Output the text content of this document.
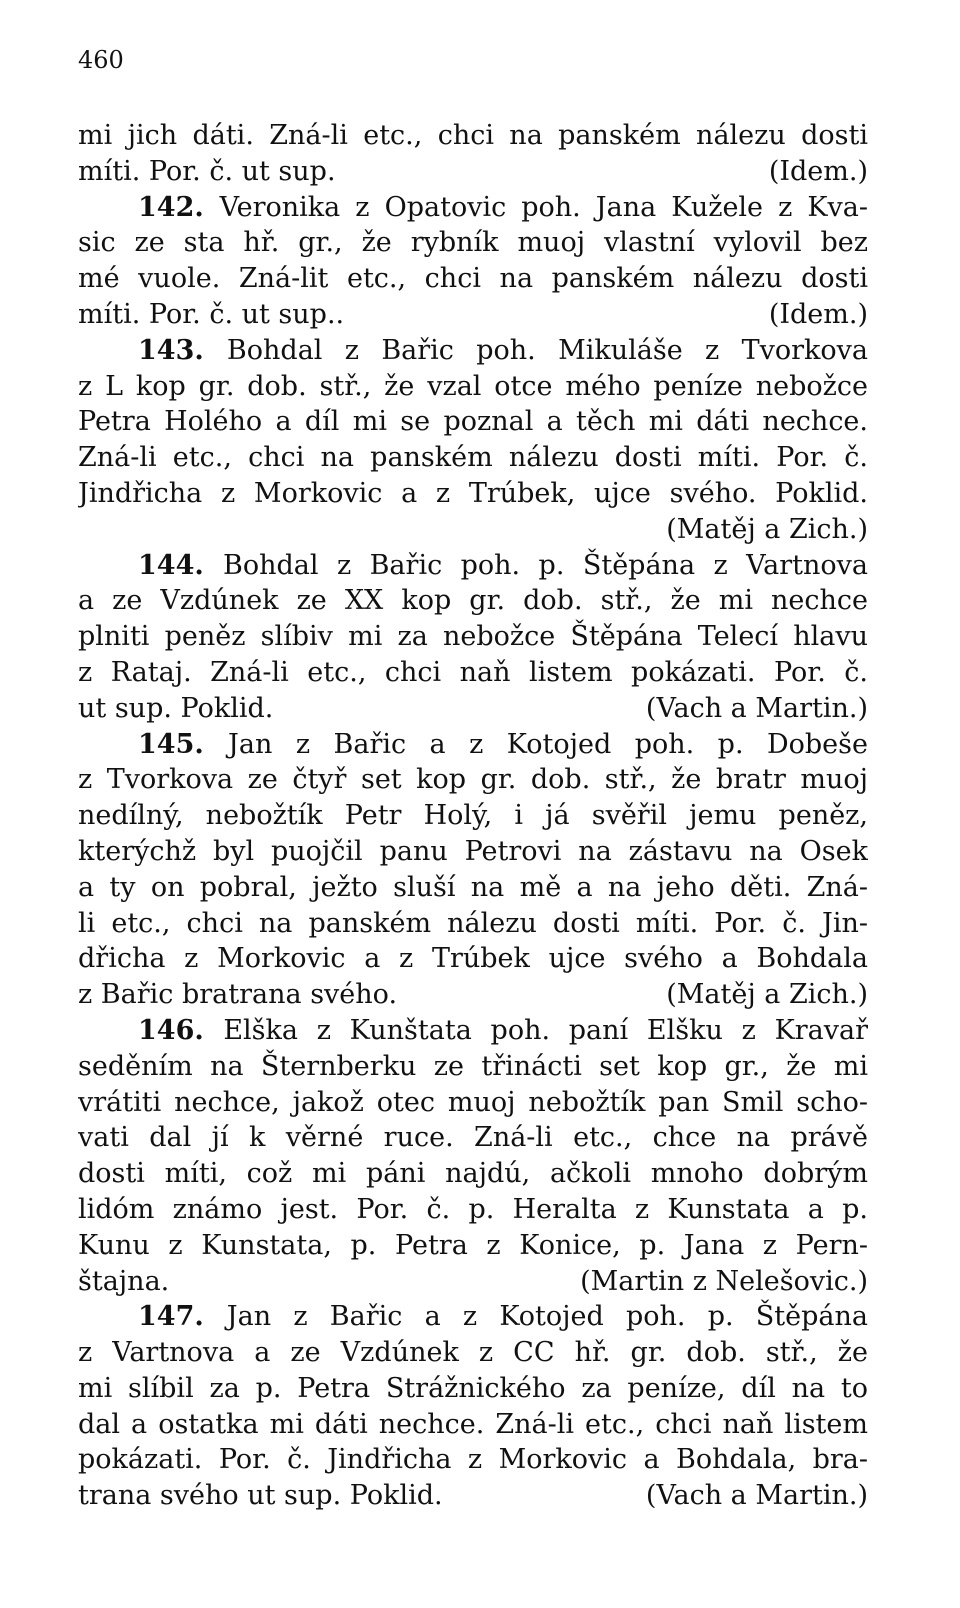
460
mi jich dáti. Zná-li etc., chci na panském nálezu dosti
míti. Por. č. ut sup.	(Idem.)
142. Veronika z Opatovic poh. Jana Kužele z Kva-
sic ze sta hř. gr., že rybník muoj vlastní vylovil bez
mé vuole. Zná-lit etc., chci na panském nálezu dosti
míti. Por. č. ut sup..	(Idem.)
143. Bohdal z Bařic poh. Mikuláše z Tvorkova
z L kop gr. dob. stř., že vzal otce mého peníze nebožce
Petra Holého a díl mi se poznal a těch mi dáti nechce.
Zná-li etc., chci na panském nálezu dosti míti. Por. č.
Jindřicha z Morkovic a z Trúbek, ujce svého. Poklid.
(Matěj a Zich.)
144. Bohdal z Bařic poh. p. Štěpána z Vartnova
a ze Vzdúnek ze XX kop gr. dob. stř., že mi nechce
plniti peněz slíbiv mi za nebožce Štěpána Telecí hlavu
z Rataj. Zná-li etc., chci naň listem pokázati. Por. č.
ut sup. Poklid.	(Vach a Martin.)
145. Jan z Bařic a z Kotojed poh. p. Dobeše
z Tvorkova ze čtyř set kop gr. dob. stř., že bratr muoj
nedílný, nebožtík Petr Holý, i já svěřil jemu peněz,
kterýchž byl puojčil panu Petrovi na zástavu na Osek
a ty on pobral, ježto sluší na mě a na jeho děti. Zná-
li etc., chci na panském nálezu dosti míti. Por. č. Jin-
dřicha z Morkovic a z Trúbek ujce svého a Bohdala
z Bařic bratrana svého.	(Matěj a Zich.)
146. Elška z Kunštata poh. paní Elšku z Kravař
seděním na Šternberku ze třinácti set kop gr., že mi
vrátiti nechce, jakož otec muoj nebožtík pan Smil scho-
vati dal jí k věrné ruce. Zná-li etc., chce na právě
dosti míti, což mi páni najdú, ačkoli mnoho dobrým
lidóm známo jest. Por. č. p. Heralta z Kunstata a p.
Kunu z Kunstata, p. Petra z Konice, p. Jana z Pern-
štajna.	(Martin z Nelešovic.)
147. Jan z Bařic a z Kotojed poh. p. Štěpána
z Vartnova a ze Vzdúnek z CC hř. gr. dob. stř., že
mi slíbil za p. Petra Strážnického za peníze, díl na to
dal a ostatka mi dáti nechce. Zná-li etc., chci naň listem
pokázati. Por. č. Jindřicha z Morkovic a Bohdala, bra-
trana svého ut sup. Poklid.	(Vach a Martin.)
